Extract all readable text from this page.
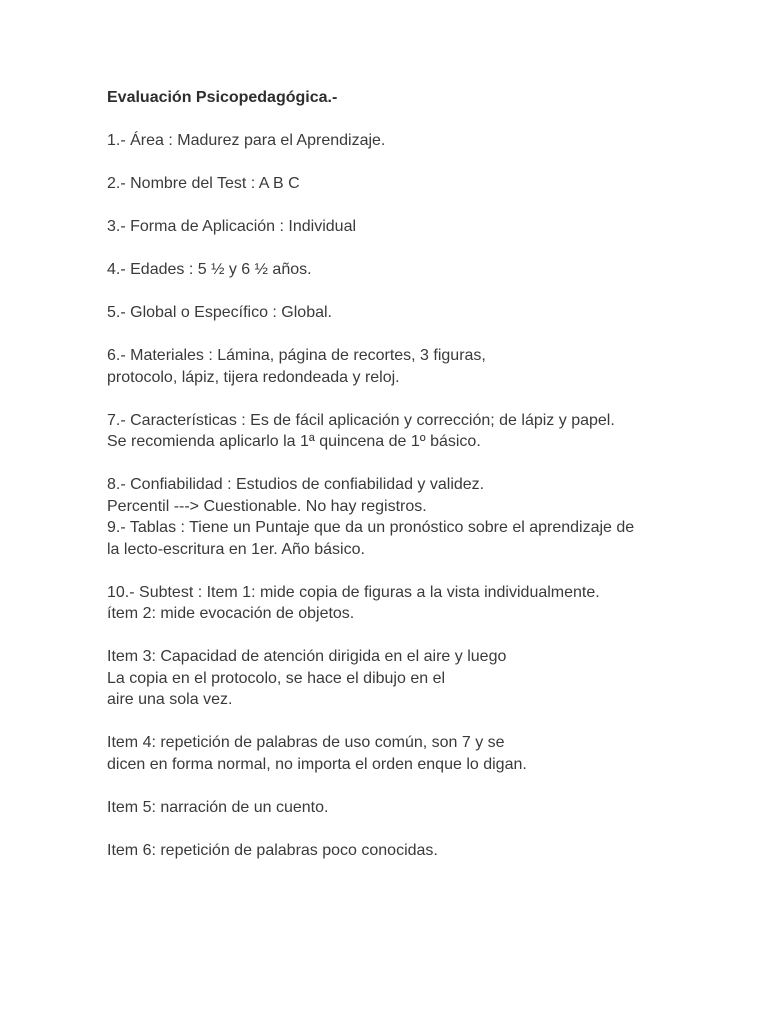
Evaluación Psicopedagógica.-

1.- Área : Madurez para el Aprendizaje.

2.- Nombre del Test : A B C

3.- Forma de Aplicación : Individual

4.- Edades : 5 ½ y 6 ½ años.

5.- Global o Específico : Global.

6.- Materiales : Lámina, página de recortes, 3 figuras,
protocolo, lápiz, tijera redondeada y reloj.

7.- Características : Es de fácil aplicación y corrección; de lápiz y papel.
Se recomienda aplicarlo la 1ª quincena de 1º básico.

8.- Confiabilidad : Estudios de confiabilidad y validez.
Percentil ---> Cuestionable. No hay registros.

9.- Tablas : Tiene un Puntaje que da un pronóstico sobre el aprendizaje de
la lecto-escritura en 1er. Año básico.

10.- Subtest : Item 1: mide copia de figuras a la vista individualmente.
ítem 2: mide evocación de objetos.

Item 3: Capacidad de atención dirigida en el aire y luego
La copia en el protocolo, se hace el dibujo en el
aire una sola vez.

Item 4: repetición de palabras de uso común, son 7 y se
dicen en forma normal, no importa el orden enque lo digan.

Item 5: narración de un cuento.

Item 6: repetición de palabras poco conocidas.
